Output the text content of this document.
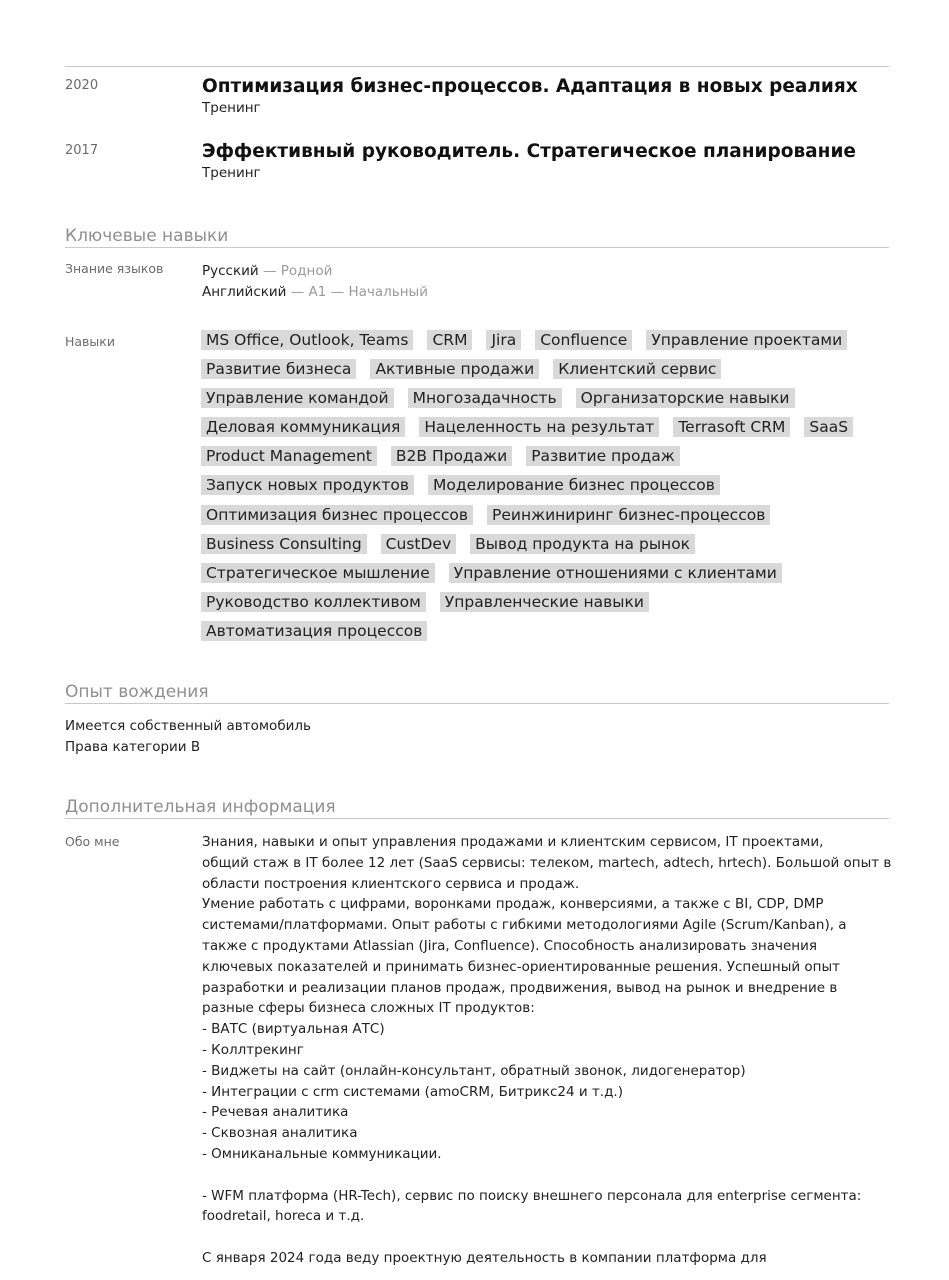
2020	Оптимизация бизнес-процессов. Адаптация в новых реалиях
Тренинг
2017	Эффективный руководитель. Стратегическое планирование
Тренинг
Ключевые навыки
Знание языков	Русский — Родной
Английский — A1 — Начальный
Навыки	MS Office, Outlook, Teams CRM Jira Confluence Управление проектами
Развитие бизнеса Активные продажи Клиентский сервис
Управление командой Многозадачность Организаторские навыки
Деловая коммуникация Нацеленность на результат Terrasoft CRM SaaS
Product Management B2B Продажи Развитие продаж
Запуск новых продуктов Моделирование бизнес процессов
Оптимизация бизнес процессов Реинжиниринг бизнес-процессов
Business Consulting CustDev Вывод продукта на рынок
Стратегическое мышление Управление отношениями с клиентами
Руководство коллективом Управленческие навыки
Автоматизация процессов
Опыт вождения
Имеется собственный автомобиль
Права категории B
Дополнительная информация
Обо мне	Знания, навыки и опыт управления продажами и клиентским сервисом, IT проектами,
общий стаж в IT более 12 лет (SaaS сервисы: телеком, martech, adtech, hrtech). Большой опыт в
области построения клиентского сервиса и продаж.
Умение работать с цифрами, воронками продаж, конверсиями, а также с BI, CDP, DMP
системами/платформами. Опыт работы с гибкими методологиями Agile (Scrum/Kanban), а
также с продуктами Atlassian (Jira, Confluence). Способность анализировать значения
ключевых показателей и принимать бизнес-ориентированные решения. Успешный опыт
разработки и реализации планов продаж, продвижения, вывод на рынок и внедрение в
разные сферы бизнеса сложных IT продуктов:
- ВАТС (виртуальная АТС)
- Коллтрекинг
- Виджеты на сайт (онлайн-консультант, обратный звонок, лидогенератор)
- Интеграции с crm системами (amoCRM, Битрикс24 и т.д.)
- Речевая аналитика
- Сквозная аналитика
- Омниканальные коммуникации.
- WFM платформа (HR-Tech), сервис по поиску внешнего персонала для enterprise сегмента:
foodretail, horeca и т.д.
С января 2024 года веду проектную деятельность в компании платформа для
